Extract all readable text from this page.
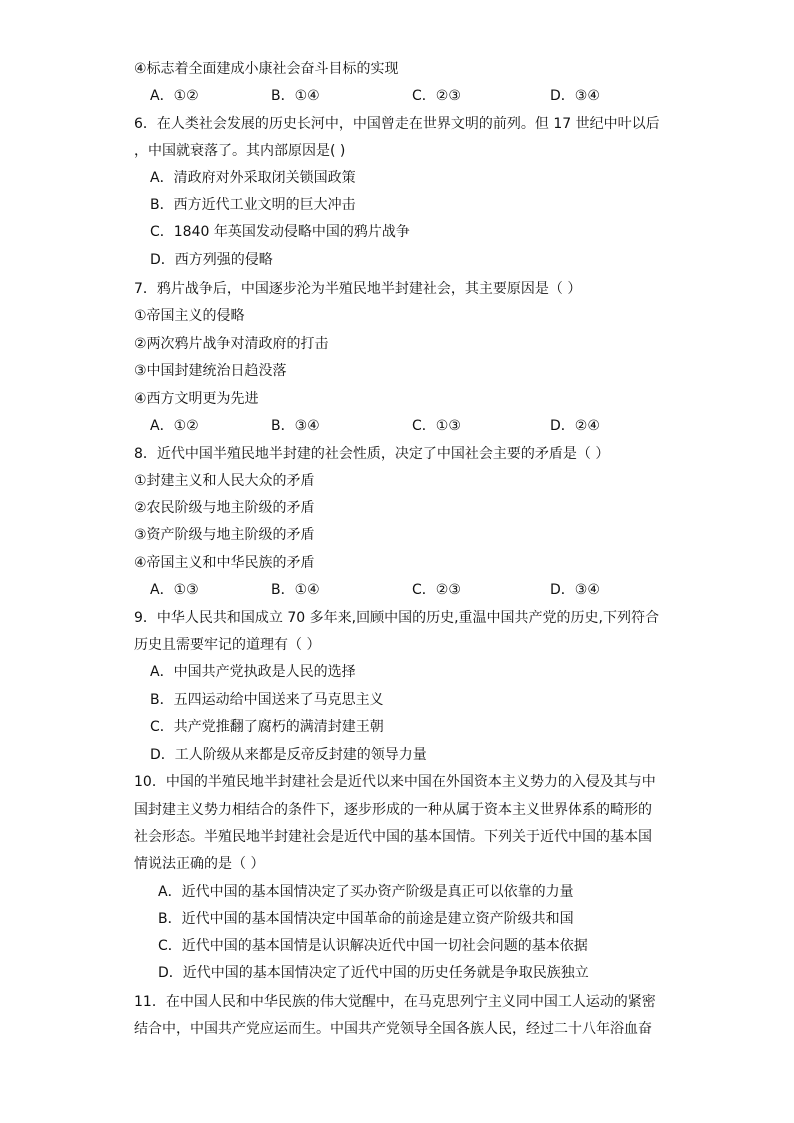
④标志着全面建成小康社会奋斗目标的实现
A．①②	B．①④	C．②③	D．③④
6．在人类社会发展的历史长河中，中国曾走在世界文明的前列。但 17 世纪中叶以后
，中国就衰落了。其内部原因是( )
A．清政府对外采取闭关锁国政策
B．西方近代工业文明的巨大冲击
C．1840 年英国发动侵略中国的鸦片战争
D．西方列强的侵略
7．鸦片战争后，中国逐步沦为半殖民地半封建社会，其主要原因是（ ）
①帝国主义的侵略
②两次鸦片战争对清政府的打击
③中国封建统治日趋没落
④西方文明更为先进
A．①②	B．③④	C．①③	D．②④
8．近代中国半殖民地半封建的社会性质，决定了中国社会主要的矛盾是（ ）
①封建主义和人民大众的矛盾
②农民阶级与地主阶级的矛盾
③资产阶级与地主阶级的矛盾
④帝国主义和中华民族的矛盾
A．①③	B．①④	C．②③	D．③④
9．中华人民共和国成立 70 多年来,回顾中国的历史,重温中国共产党的历史,下列符合
历史且需要牢记的道理有（ ）
A．中国共产党执政是人民的选择
B．五四运动给中国送来了马克思主义
C．共产党推翻了腐朽的满清封建王朝
D．工人阶级从来都是反帝反封建的领导力量
10．中国的半殖民地半封建社会是近代以来中国在外国资本主义势力的入侵及其与中
国封建主义势力相结合的条件下，逐步形成的一种从属于资本主义世界体系的畸形的
社会形态。半殖民地半封建社会是近代中国的基本国情。下列关于近代中国的基本国
情说法正确的是（ ）
A．近代中国的基本国情决定了买办资产阶级是真正可以依靠的力量
B．近代中国的基本国情决定中国革命的前途是建立资产阶级共和国
C．近代中国的基本国情是认识解决近代中国一切社会问题的基本依据
D．近代中国的基本国情决定了近代中国的历史任务就是争取民族独立
11．在中国人民和中华民族的伟大觉醒中，在马克思列宁主义同中国工人运动的紧密
结合中，中国共产党应运而生。中国共产党领导全国各族人民，经过二十八年浴血奋
